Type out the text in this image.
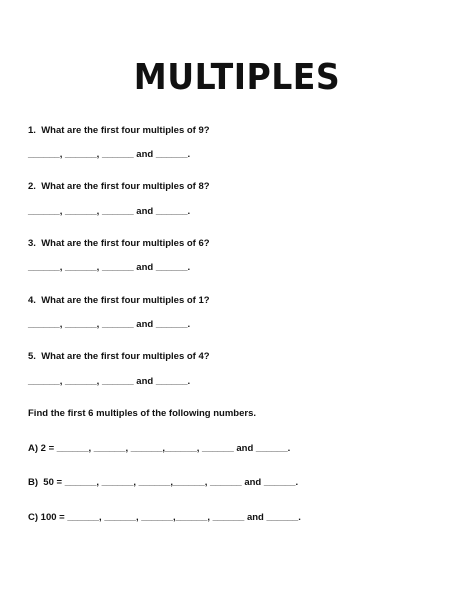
MULTIPLES
1.  What are the first four multiples of 9?
______, ______, ______ and ______.
2.  What are the first four multiples of 8?
______, ______, ______ and ______.
3.  What are the first four multiples of 6?
______, ______, ______ and ______.
4.  What are the first four multiples of 1?
______, ______, ______ and ______.
5.  What are the first four multiples of 4?
______, ______, ______ and ______.
Find the first 6 multiples of the following numbers.
A) 2 = ______, ______, ______,______, ______ and ______.
B)  50 = ______, ______, ______,______, ______ and ______.
C) 100 = ______, ______, ______,______, ______ and ______.
